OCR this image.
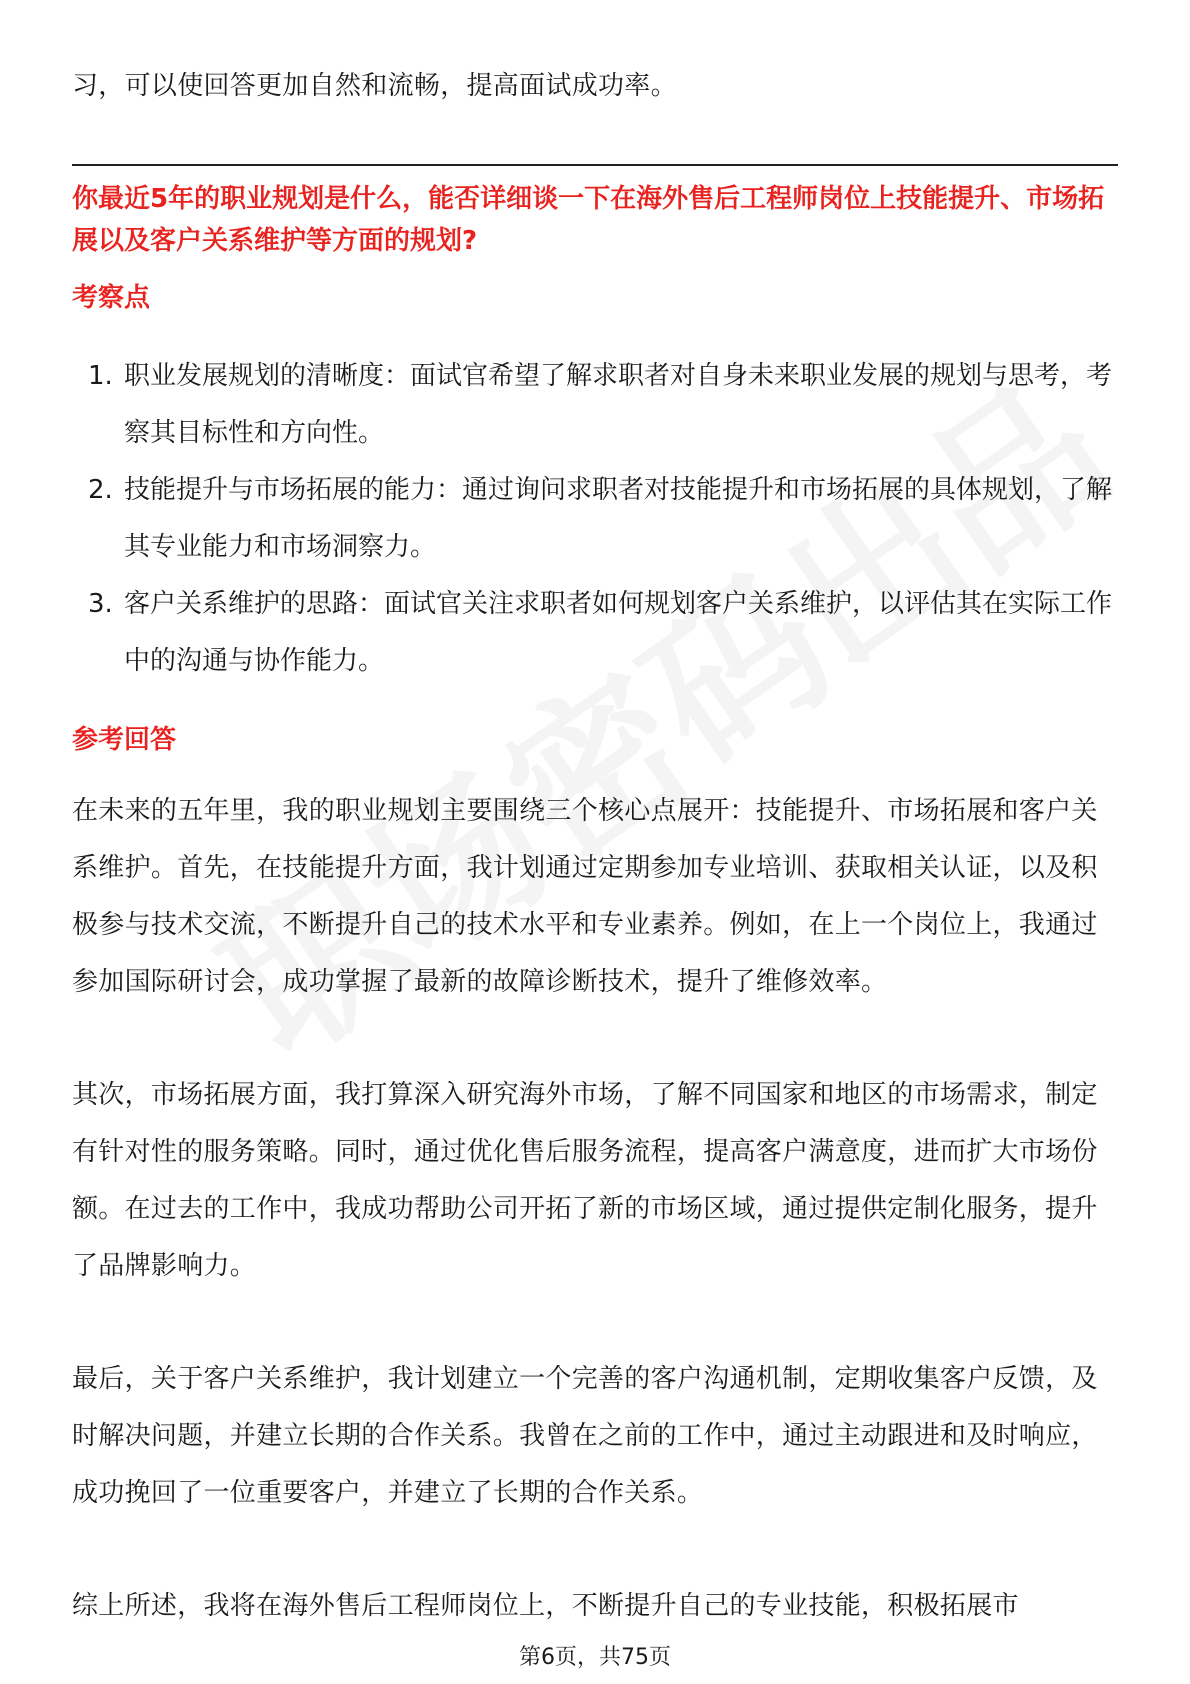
习，可以使回答更加自然和流畅，提高面试成功率。

你最近5年的职业规划是什么，能否详细谈一下在海外售后工程师岗位上技能提升、市场拓展以及客户关系维护等方面的规划?

考察点

1. 职业发展规划的清晰度：面试官希望了解求职者对自身未来职业发展的规划与思考，考察其目标性和方向性。
2. 技能提升与市场拓展的能力：通过询问求职者对技能提升和市场拓展的具体规划，了解其专业能力和市场洞察力。
3. 客户关系维护的思路：面试官关注求职者如何规划客户关系维护，以评估其在实际工作中的沟通与协作能力。

参考回答

在未来的五年里，我的职业规划主要围绕三个核心点展开：技能提升、市场拓展和客户关系维护。首先，在技能提升方面，我计划通过定期参加专业培训、获取相关认证，以及积极参与技术交流，不断提升自己的技术水平和专业素养。例如，在上一个岗位上，我通过参加国际研讨会，成功掌握了最新的故障诊断技术，提升了维修效率。

其次，市场拓展方面，我打算深入研究海外市场，了解不同国家和地区的市场需求，制定有针对性的服务策略。同时，通过优化售后服务流程，提高客户满意度，进而扩大市场份额。在过去的工作中，我成功帮助公司开拓了新的市场区域，通过提供定制化服务，提升了品牌影响力。

最后，关于客户关系维护，我计划建立一个完善的客户沟通机制，定期收集客户反馈，及时解决问题，并建立长期的合作关系。我曾在之前的工作中，通过主动跟进和及时响应，成功挽回了一位重要客户，并建立了长期的合作关系。

综上所述，我将在海外售后工程师岗位上，不断提升自己的专业技能，积极拓展市

第6页，共75页
